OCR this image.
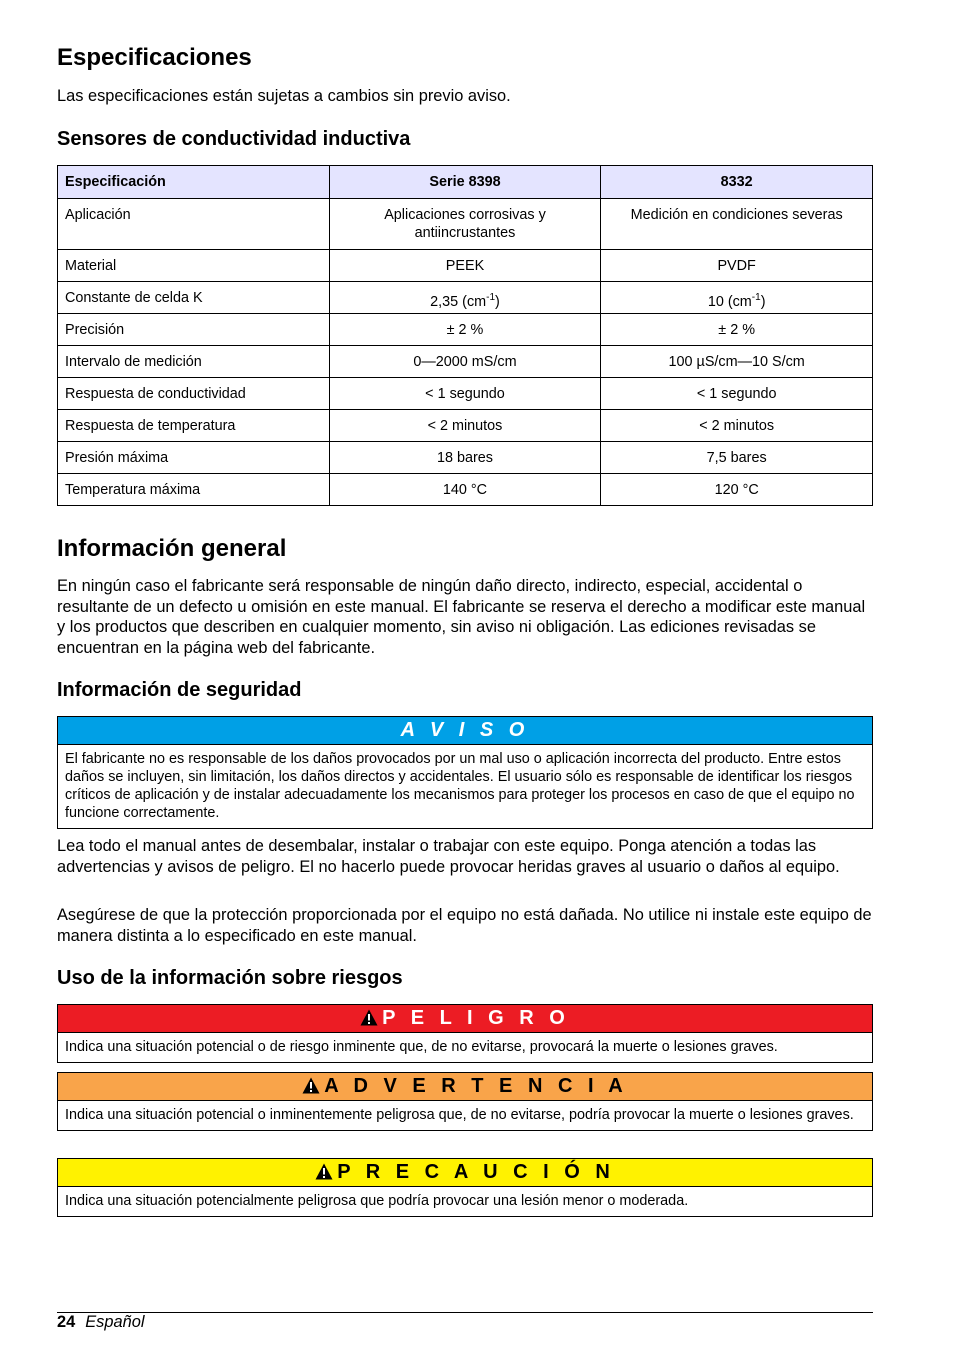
Especificaciones

Las especificaciones están sujetas a cambios sin previo aviso.

Sensores de conductividad inductiva
Especificación	Serie 8398	8332
Aplicación	Aplicaciones corrosivas y antiincrustantes	Medición en condiciones severas
Material	PEEK	PVDF
Constante de celda K	2,35 $(cm^{-1})$	10 $(cm^{-1})$
Precisión	± 2 %	± 2 %
Intervalo de medición	0—2000 mS/cm	100 µS/cm—10 S/cm
Respuesta de conductividad	< 1 segundo	< 1 segundo
Respuesta de temperatura	< 2 minutos	< 2 minutos
Presión máxima	18 bares	7,5 bares
Temperatura máxima	140 °C	120 °C
Información general

En ningún caso el fabricante será responsable de ningún daño directo, indirecto, especial, accidental o resultante de un defecto u omisión en este manual. El fabricante se reserva el derecho a modificar este manual y los productos que describen en cualquier momento, sin aviso ni obligación. Las ediciones revisadas se encuentran en la página web del fabricante.

Información de seguridad
A V I S O
El fabricante no es responsable de los daños provocados por un mal uso o aplicación incorrecta del producto. Entre estos daños se incluyen, sin limitación, los daños directos y accidentales. El usuario sólo es responsable de identificar los riesgos críticos de aplicación y de instalar adecuadamente los mecanismos para proteger los procesos en caso de que el equipo no funcione correctamente.

Lea todo el manual antes de desembalar, instalar o trabajar con este equipo. Ponga atención a todas las advertencias y avisos de peligro. El no hacerlo puede provocar heridas graves al usuario o daños al equipo.

Asegúrese de que la protección proporcionada por el equipo no está dañada. No utilice ni instale este equipo de manera distinta a lo especificado en este manual.

Uso de la información sobre riesgos
P E L I G R O
Indica una situación potencial o de riesgo inminente que, de no evitarse, provocará la muerte o lesiones graves.
A D V E R T E N C I A
Indica una situación potencial o inminentemente peligrosa que, de no evitarse, podría provocar la muerte o lesiones graves.
P R E C A U C I Ó N
Indica una situación potencialmente peligrosa que podría provocar una lesión menor o moderada.
24 Español
